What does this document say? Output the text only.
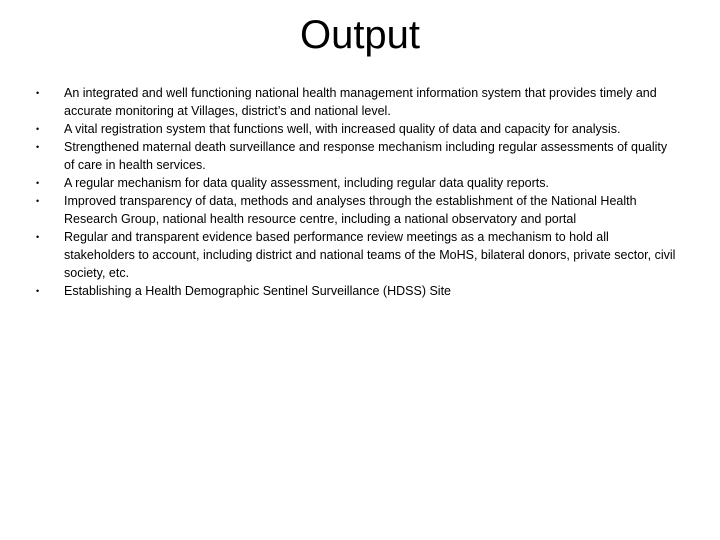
Output
•	An integrated and well functioning national health management information system that provides timely and accurate monitoring at Villages, district’s and national level.
•	A vital registration system that functions well, with increased quality of data and capacity for analysis.
•	Strengthened maternal death surveillance and response mechanism including regular assessments of quality of care in health services.
•	A regular mechanism for data quality assessment, including regular data quality reports.
•	Improved transparency of data, methods and analyses through the establishment of the National Health Research Group, national health resource centre, including a national observatory and portal
•	Regular and transparent evidence based performance review meetings as a mechanism to hold all stakeholders to account, including district and national teams of the MoHS, bilateral donors, private sector, civil society, etc.
•	Establishing a Health Demographic Sentinel Surveillance (HDSS) Site
